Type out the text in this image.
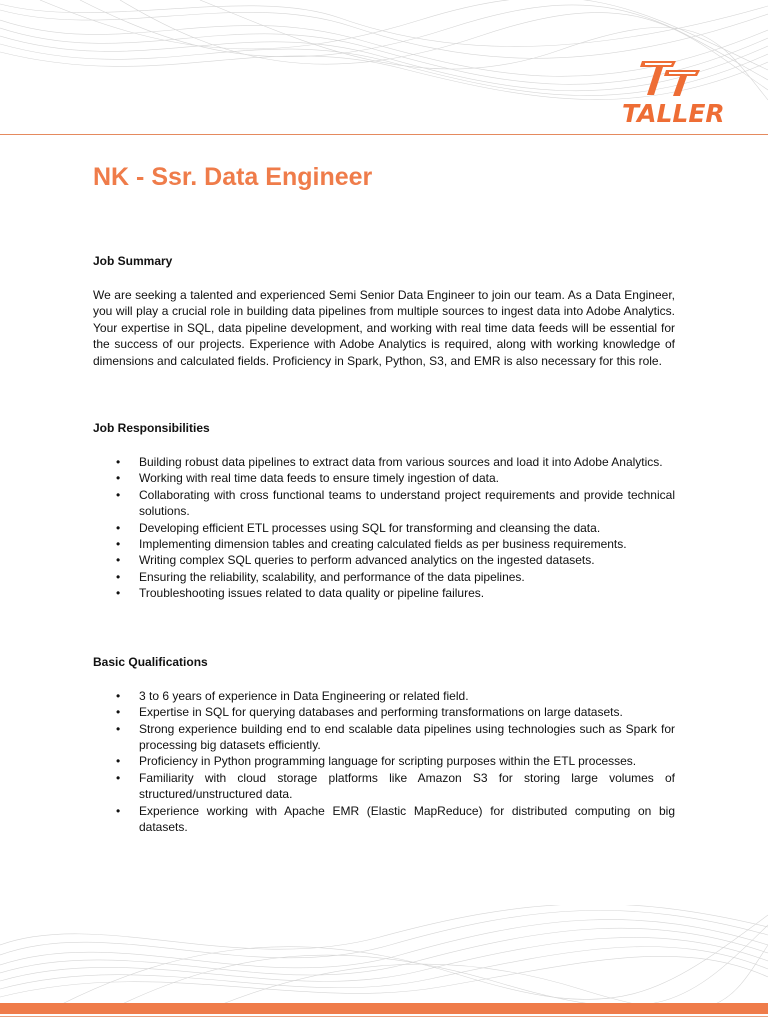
TALLER
NK - Ssr. Data Engineer
Job Summary

We are seeking a talented and experienced Semi Senior Data Engineer to join our team. As a Data Engineer, you will play a crucial role in building data pipelines from multiple sources to ingest data into Adobe Analytics. Your expertise in SQL, data pipeline development, and working with real time data feeds will be essential for the success of our projects. Experience with Adobe Analytics is required, along with working knowledge of dimensions and calculated fields. Proficiency in Spark, Python, S3, and EMR is also necessary for this role.

Job Responsibilities
• Building robust data pipelines to extract data from various sources and load it into Adobe Analytics.
• Working with real time data feeds to ensure timely ingestion of data.
• Collaborating with cross functional teams to understand project requirements and provide technical solutions.
• Developing efficient ETL processes using SQL for transforming and cleansing the data.
• Implementing dimension tables and creating calculated fields as per business requirements.
• Writing complex SQL queries to perform advanced analytics on the ingested datasets.
• Ensuring the reliability, scalability, and performance of the data pipelines.
• Troubleshooting issues related to data quality or pipeline failures.
Basic Qualifications
• 3 to 6 years of experience in Data Engineering or related field.
• Expertise in SQL for querying databases and performing transformations on large datasets.
• Strong experience building end to end scalable data pipelines using technologies such as Spark for processing big datasets efficiently.
• Proficiency in Python programming language for scripting purposes within the ETL processes.
• Familiarity with cloud storage platforms like Amazon S3 for storing large volumes of structured/unstructured data.
• Experience working with Apache EMR (Elastic MapReduce) for distributed computing on big datasets.
